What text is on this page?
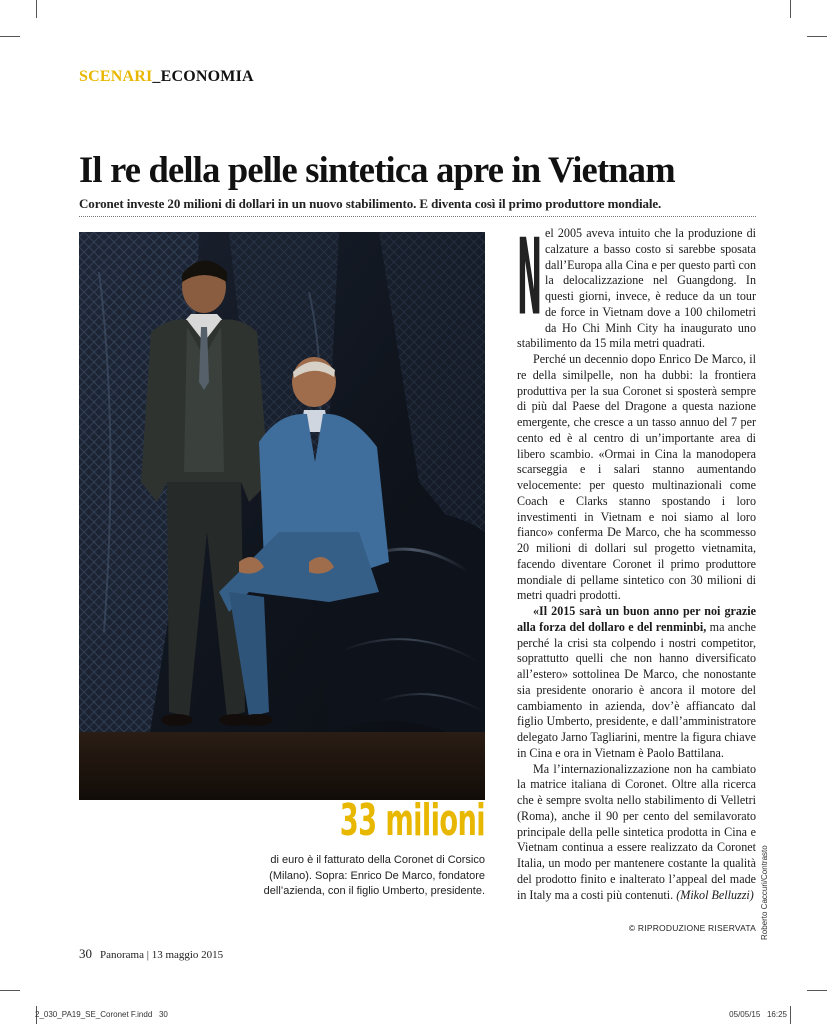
SCENARI_ECONOMIA
Il re della pelle sintetica apre in Vietnam
Coronet investe 20 milioni di dollari in un nuovo stabilimento. E diventa così il primo produttore mondiale.
33 milioni
di euro è il fatturato della Coronet di Corsico (Milano). Sopra: Enrico De Marco, fondatore dell’azienda, con il figlio Umberto, presidente.

N el 2005 aveva intuito che la produzione di calzature a basso costo si sarebbe sposata dall’Europa alla Cina e per questo partì con la delocalizzazione nel Guangdong. In questi giorni, invece, è reduce da un tour de force in Vietnam dove a 100 chilometri da Ho Chi Minh City ha inaugurato uno stabilimento da 15 mila metri quadrati.

Perché un decennio dopo Enrico De Marco, il re della similpelle, non ha dubbi: la frontiera produttiva per la sua Coronet si sposterà sempre di più dal Paese del Dragone a questa nazione emergente, che cresce a un tasso annuo del 7 per cento ed è al centro di un’importante area di libero scambio. «Ormai in Cina la manodopera scarseggia e i salari stanno aumentando velocemente: per questo multinazionali come Coach e Clarks stanno spostando i loro investimenti in Vietnam e noi siamo al loro fianco» conferma De Marco, che ha scommesso 20 milioni di dollari sul progetto vietnamita, facendo diventare Coronet il primo produttore mondiale di pellame sintetico con 30 milioni di metri quadri prodotti.

«Il 2015 sarà un buon anno per noi grazie alla forza del dollaro e del renminbi, ma anche perché la crisi sta colpendo i nostri competitor, soprattutto quelli che non hanno diversificato all’estero» sottolinea De Marco, che nonostante sia presidente onorario è ancora il motore del cambiamento in azienda, dov’è affiancato dal figlio Umberto, presidente, e dall’amministratore delegato Jarno Tagliarini, mentre la figura chiave in Cina e ora in Vietnam è Paolo Battilana.

Ma l’internazionalizzazione non ha cambiato la matrice italiana di Coronet. Oltre alla ricerca che è sempre svolta nello stabilimento di Velletri (Roma), anche il 90 per cento del semilavorato principale della pelle sintetica prodotta in Cina e Vietnam continua a essere realizzato da Coronet Italia, un modo per mantenere costante la qualità del prodotto finito e inalterato l’appeal del made in Italy ma a costi più contenuti. (Mikol Belluzzi)

© RIPRODUZIONE RISERVATA Roberto Caccuri/Contrasto
30 Panorama | 13 maggio 2015
2_030_PA19_SE_Coronet F.indd   30	05/05/15   16:25
